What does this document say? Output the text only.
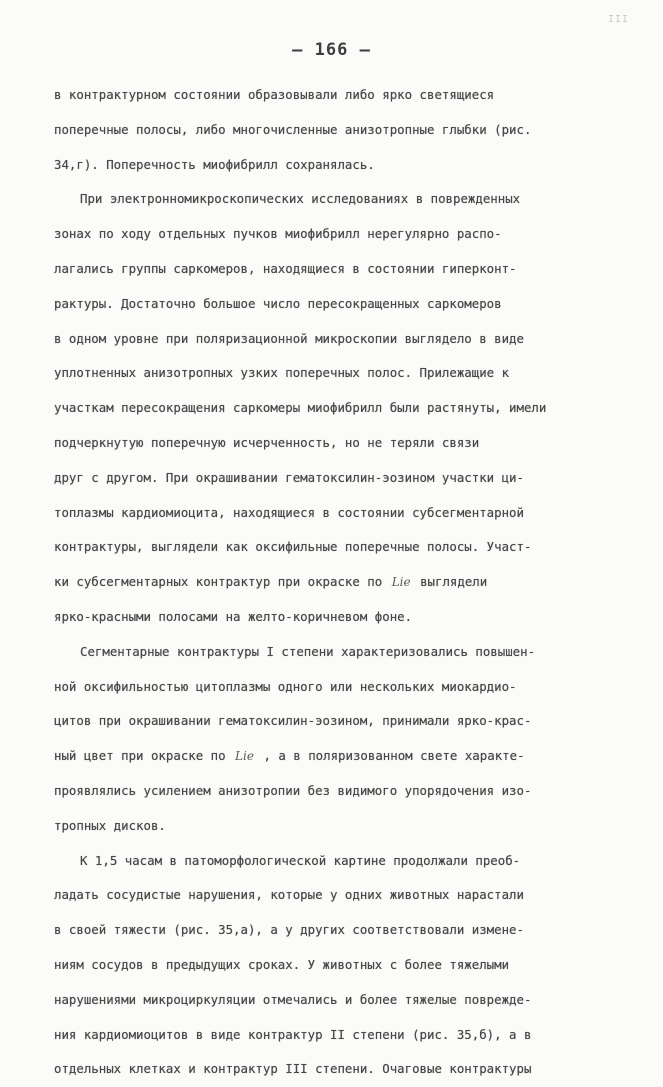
III
– 166 –
в контрактурном состоянии образовывали либо ярко светящиеся
поперечные полосы, либо многочисленные анизотропные глыбки (рис.
34,г). Поперечность миофибрилл сохранялась.
При электронномикроскопических исследованиях в поврежденных
зонах по ходу отдельных пучков миофибрилл нерегулярно распо-
лагались группы саркомеров, находящиеся в состоянии гиперконт-
рактуры. Достаточно большое число пересокращенных саркомеров
в одном уровне при поляризационной микроскопии выглядело в виде
уплотненных анизотропных узких поперечных полос. Прилежащие к
участкам пересокращения саркомеры миофибрилл были растянуты, имели
подчеркнутую поперечную исчерченность, но не теряли связи
друг с другом. При окрашивании гематоксилин-эозином участки ци-
топлазмы кардиомиоцита, находящиеся в состоянии субсегментарной
контрактуры, выглядели как оксифильные поперечные полосы. Участ-
ки субсегментарных контрактур при окраске по Lie выглядели
ярко-красными полосами на желто-коричневом фоне.
Сегментарные контрактуры I степени характеризовались повышен-
ной оксифильностью цитоплазмы одного или нескольких миокардио-
цитов при окрашивании гематоксилин-эозином, принимали ярко-крас-
ный цвет при окраске по Lie , а в поляризованном свете характе-
проявлялись усилением анизотропии без видимого упорядочения изо-
тропных дисков.
К 1,5 часам в патоморфологической картине продолжали преоб-
ладать сосудистые нарушения, которые у одних животных нарастали
в своей тяжести (рис. 35,а), а у других соответствовали измене-
ниям сосудов в предыдущих сроках. У животных с более тяжелыми
нарушениями микроциркуляции отмечались и более тяжелые поврежде-
ния кардиомиоцитов в виде контрактур II степени (рис. 35,б), а в
отдельных клетках и контрактур III степени. Очаговые контрактуры
